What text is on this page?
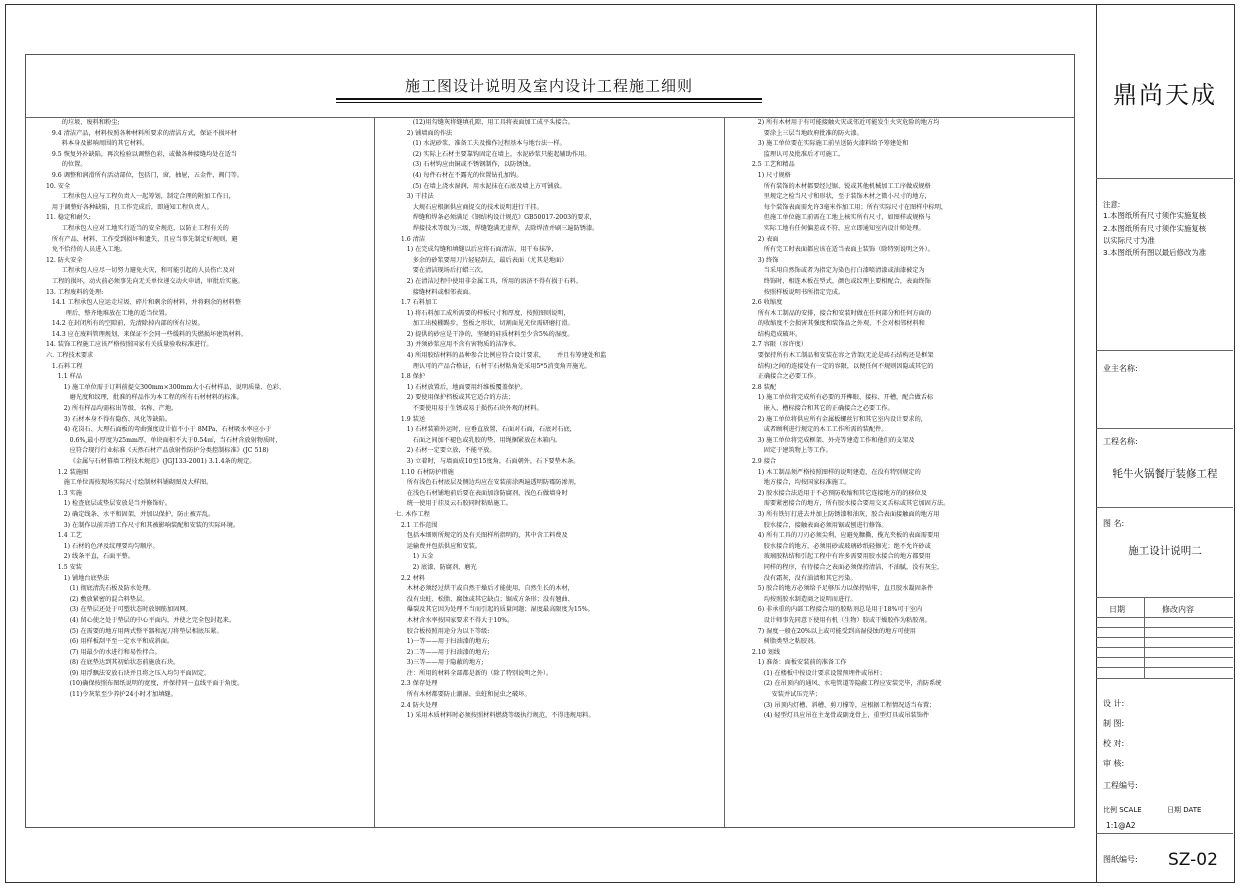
施工图设计说明及室内设计工程施工细则
的垃圾、废料和粉尘;
9.4 清洁产品，材料按照各种材料所要求的清洁方式，保证不损坏材
料本身及影响周围的其它材料。
9.5 恢复外补缺陷，再次检验以调整色彩，或做各种接缝均处在适当
的位置。
9.6 调整和润滑所有活动部位，包括门，窗，抽屉，五金件，阀门等。
10. 安全
工程承包人应与工程负责人一起筹划，制定合理的附加工作日，
用于调整好各种缺陷，且工作完成后，即通知工程负责人。
11. 稳定和耐久:
工程承包人应对工地实行适当的安全规范，以防止工程有关的
所有产品、材料、工作受到损坏和遗失，且应当事先制定好规则，避
免不恰待的人员进入工地。
12. 防火安全
工程承包人应尽一切努力避免火灾，和可能引起的人员伤亡及对
工程的损坏，动火前必须事先向无关单位递交动火申请，审批后实施。
13. 工程废料的处理:
14.1 工程承包人应运走垃圾、碎片和剩余的材料，并将剩余的材料整
理后，整齐地堆放在工地的适当位置。
14.2 在封闭所有的空隙前，先清除掉内部的所有垃圾。
14.3 应在废料管理规划，来保证不会同一些缓料的失燃损坏建筑材料。
14. 装饰工程施工应该严格按照国家有关质量验收标准进行。
六. 工程技术要求
1.石料工程
1.1 样品
1) 施工单位需于订料前提交300mm×300mm大小石材样品，说明质量、色彩、
磨光度和纹理，批准的样品作为本工程的所有石材材料的标准。
2) 所有样品均需标出等级、名称、产地。
3) 石材本身不得有隐伤、风化等缺陷。
4) 花岗石、大理石面板的弯曲强度设计值不小于 8MPa，石材吸水率应小于
0.6%,最小厚度为25mm厚，单块面积不大于0.54㎡，当石材含放射物质时，
应符合现行行业标准《天然石材产品放射性防护分类控制标准》(JC 518)
《金属与石材幕墙工程技术规范》(JGJ133-2001) 3.1.4条的规定。
1.2 装施图
施工单位需按现场实际尺寸绘制材料铺砌图及大样图。
1.3 实施
1) 检查底层或垫层安放是当并修饰好。
2) 确定线条、水平和固架，并加以保护，防止被弄乱。
3) 在制作以前弄清工作尺寸和其被影响装配和安装的实际环境。
1.4 工艺
1) 石材的色泽及纹理要均匀顺序。
2) 线条平直，石面平整。
1.5 安装
1) 铺地台底垫法
(1) 彻底清洗石板及防水处理。
(2) 敷放紧密的混合料垫层。
(3) 在垫层还处于可塑状态时放钢筋加固网。
(4) 留心使之处于垫层的中心平面内，并使之完全包封起来。
(5) 在需要的地方用两式整平器和泥刀将垫层相底压紧。
(6) 用样板刮平至一定水平和成斜面。
(7) 用最少的水进行和易性拌合。
(8) 在底垫达到其初始状态前施放石块。
(9) 用浮飘法安放石块并且将之压入均匀平面固定。
(10)确保按照布图纸说明的宽度，并保持同一直线平面于角度。
(11)令灰浆至少养护24小时才加填缝。
(12)用勾缝灰将缝填孔隙，用工具将表面加工成平头接合。
2) 铺墙面的作法
(1) 水泥砂浆，准备工夫及操作过程基本与地台法一样。
(2) 实际上石材主要靠钩固定在墙上，水泥砂浆只能起辅助作用。
(3) 石材钩应由铜或不锈钢制作，以防锈蚀。
(4) 每件石材在不露光的位置钻孔加钩。
(5) 在墙上浇水湿润，用水泥抹在石底及墙上方可铺放。
3) 干挂法
大规石应根据供应商提交的技术说明进行干挂。
焊缝和焊条必须满足《钢结构设计规范》GB50017-2003的要求，
焊接技术等级为三级，焊缝饱满无虚焊，去除焊渣并刷三遍防锈漆。
1.6 清洁
1) 在完成勾缝和填缝以后应将石面清洁，用干布抹净，
多余的砂浆要用刀片轻轻刮去，最后表面（尤其是地面）
要在清洁现场后打蜡三次。
2) 在清洁过程中使用非金属工具，所用的溶济不得有损于石料，
接缝材料或相邻表面。
1.7 石料加工
1) 将石料加工成所需要的样板尺寸和厚度，按照图则说明，
加工出棱棚踢步，竖板之形状，切割面见光位需研磨打滑。
2) 提供的砂应是干净的，坚硬的硅质材料至少含5%的湿度。
3) 并须砂浆应用不含有害物质的洁净水。
4) 所用胶结材料的品种参合比例应符合设计要求，      并且有筹建处和监
理认可的产品合格证，石材干石材粘角处采用5*5消变角开施光。
1.8 保护
1) 石材放置后，地面要用纤维板覆盖保护。
2) 要使用保护档板或其它适合的方法；
不要使用易于生锈或易于损伤石块外观的材料。
1.9 装送
1) 石材装箱外运时，应垂直放置，石面对石面，石底对石底，
石面之间加不褪色或乳胶的垫，用绳捆紧放在木箱内。
2) 石材一定要立放，不能平放。
3) 立着时，与墙面成10至15度角，石面朝外，石下要垫木条。
1.10 石材防护措施
所有浅色石材底层及侧边均应在安装前涂两遍透明防霉防渗剂，
在浅色石材铺地前后要在表面加涂防腐剂，浅色石做墙身时
统一使用于挂及云石胶同时粘贴施工。
七. 木作工程
2.1 工作范围
包括本细则所规定的及有关图样所指明的，其中含工料费及
运输费并包括供应和安装。
1) 五金
2) 底漆、防腐剂、磨光
2.2 材料
木材必须经过烘干或自然干燥后才能使用，自然生长的木材，
没有虫蛀、松脂、腐蚀或其它缺点；锯成方条形；没有翘曲、
爆裂及其它因为处理不当而引起的质量问题；湿度最高限度为15%。
木材含水率按国家要求不得大于10%。
胶合板按照用途分为以下等级:
1)一等——用于扫油漆的地方;
2)二等——用于扫油漆的地方;
3)三等——用于隐蔽的地方;
注：所用的材料全部都是新的（除了特别说明之外）。
2.3 保存处理
所有木材都要防止潮湿、虫蛀和昆虫之破坏。
2.4 防火处理
1) 采用木质材料时必须按照材料燃烧等级执行规范，不得违规用料。
2) 所有木材用于有可能接触火灾或邻近可能发生火灾危险的地方均
要涂上三层当地政府批准的防火漆。
3) 施工单位要在实际施工前呈送防火漆料给予筹建处和
监理认可及批准后才可施工。
2.5 工艺和精品
1) 尺寸规格
所有装饰的木材都要经过锯、锐或其他机械加工工序做成规格
里规定之检当尺寸和形状，至于装饰木材之微小尺寸的地方，
每个装饰表面需允许3毫米作加工用；所有实际尺寸在图样中标明，
但施工单位施工前需在工地上核实所有尺寸，如图样或规格与
实际工地有任何偏差或不符，应立即通知室内设计师处理。
2) 表面
所有完工时表面都应该在适当表面上装饰（除特别说明之外）。
3) 终饰
当采用自然饰或者为指定为染色打白漆喷清漆或油漆被定为
终饰时，相连木板在型式、颜色或纹理上要相配合，表面终饰
按照样板说明书所指定完成。
2.6 收缩度
所有木工制品的安排，接合和安装时做在任何部分和任何方面的
的收缩度不会损害其强度和装饰品之外观，不会对相邻材料和
结构造成破坏。
2.7 容限（容许度）
要保持所有木工制品和安装在容之背架(无论是砖石结构还是框架
结构)之间的连接处有一定的容限，以便任何不规则因隐或其它的
正确接合之必要工作。
2.8 装配
1) 施工单位将完成所有必要的开榫眼、接标、开槽，配合做舌标
嵌入，槽标接合和其它的正确接合之必要工作。
2) 施工单位将供应所有金属板螺丝钉和其它室内设计要求的，
或者顾利进行规定的木工工作所需的装配件。
3) 施工单位将完成框架、外壳等建造工作和他们的支架及
固定于建筑物上等工作。
2.9 接合
1) 木工制品须严格按照图样的说明建造，在没有特别规定的
地方接合，均按国家标准施工。
2) 胶水接合法适用于不必预防收缩和其它连接地方的的移位及
需要紧密接合的地方，所有胶水接合要用交叉舌标或其它加固方法。
3) 所有铁钉打进去并加上防锈漆和油灰，胶合表面接触面的地方用
胶水接合，接触表面必须用锯或刨进行修饰。
4) 所有工具的刀刃必须尖利，应避免糠撕，揽光夹板的表面需要用
胶水接合的地方，必须用砂或玻璃砂纸轻擦光；绝不允许砂或
玻璃胶粘结和引起工程中有许多需要用胶水接合的地方都要用
同样的程序，有待接合之表面必须保持清洁，不油腻，没有灰尘，
没有霜灰，没有油渍和其它污染。
5) 胶合的地方必须给予足够压力以保持贴牢，直且胶水凝固条件
均按照胶水制造商之说明而进行。
6) 非承重的内部工程接合用的胶粘剂总是用于18%可于室内
设计师事先同意下使用有机（生物）胶或干燥胶作为粘胶剂。
7) 湿度一般在20%以上或可能受到高湿侵蚀的地方可使用
树脂类型之粘胶剂。
2.10 划线
1) 准备：面板安装前的准备工作
(1) 在楼板中按设计要求设置预埋件或吊杆；
(2) 在吊顶内的通风、水电管道等隐蔽工程应安装完毕，消防系统
安装并试压完毕；
(3) 吊顶内灯槽、斜槽、剪刀撑等，应根据工程情况适当布置；
(4) 轻型灯具应吊在主龙骨或副龙骨上，重型灯具或吊装饰件
鼎尚天成
注意:
1.本图纸所有尺寸须作实施复核
2.本图纸所有尺寸须作实施复核
以实际尺寸为准
3.本图纸所有图以最后修改为准
业主名称:
工程名称:
牦牛火锅餐厅装修工程
图 名:
施工设计说明二
日期	修改内容
设 计:
制 图:
校 对:
审 核:
工程编号:
比例 SCALE	日期 DATE
1:1@A2
图纸编号: SZ-02
